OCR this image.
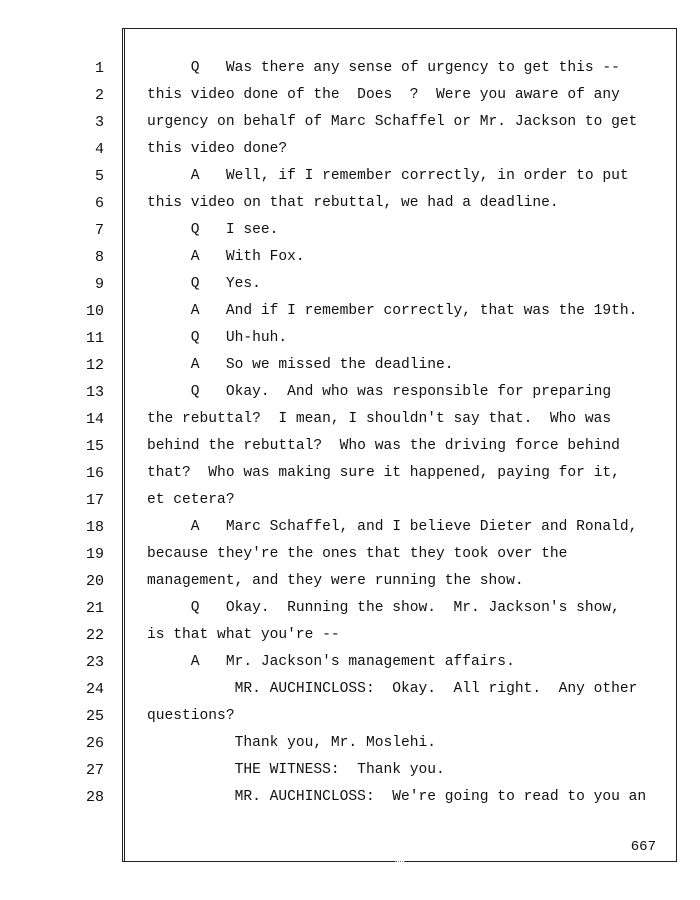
1	Q   Was there any sense of urgency to get this --
2	this video done of the  Does  ?  Were you aware of any
3	urgency on behalf of Marc Schaffel or Mr. Jackson to get
4	this video done?
5	A   Well, if I remember correctly, in order to put
6	this video on that rebuttal, we had a deadline.
7	Q   I see.
8	A   With Fox.
9	Q   Yes.
10	A   And if I remember correctly, that was the 19th.
11	Q   Uh-huh.
12	A   So we missed the deadline.
13	Q   Okay.  And who was responsible for preparing
14	the rebuttal?  I mean, I shouldn't say that.  Who was
15	behind the rebuttal?  Who was the driving force behind
16	that?  Who was making sure it happened, paying for it,
17	et cetera?
18	A   Marc Schaffel, and I believe Dieter and Ronald,
19	because they're the ones that they took over the
20	management, and they were running the show.
21	Q   Okay.  Running the show.  Mr. Jackson's show,
22	is that what you're --
23	A   Mr. Jackson's management affairs.
24	MR. AUCHINCLOSS:  Okay.  All right.  Any other
25	questions?
26	Thank you, Mr. Moslehi.
27	THE WITNESS:  Thank you.
28	MR. AUCHINCLOSS:  We're going to read to you an
667
